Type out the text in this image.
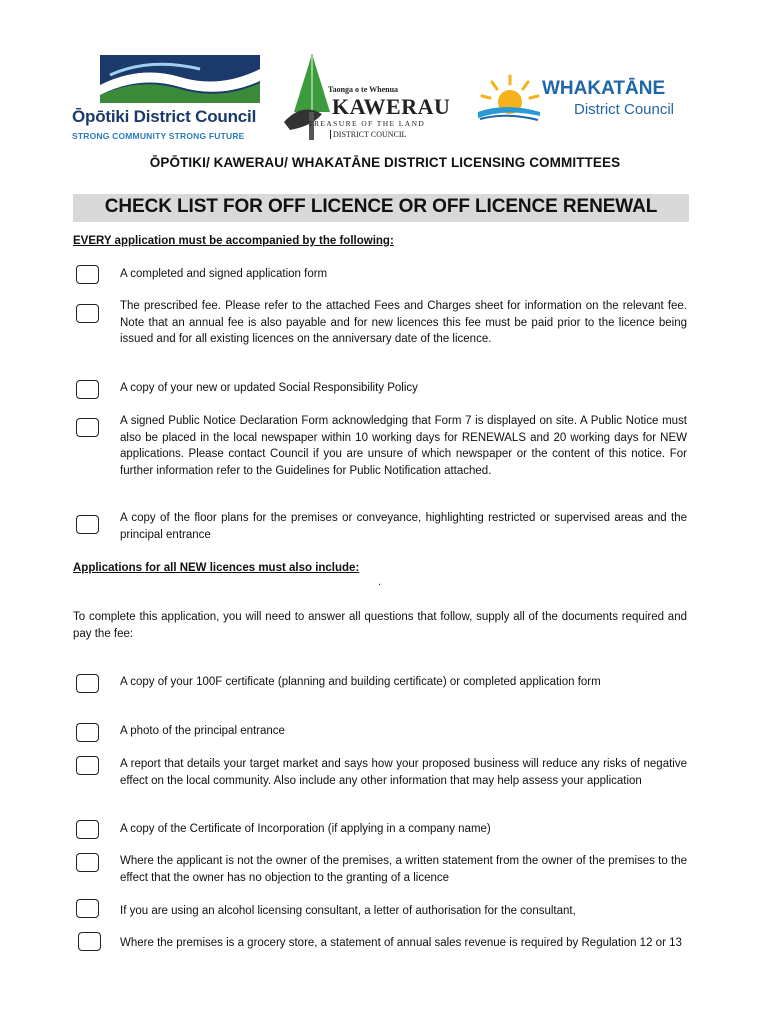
Ōpōtiki District Council
STRONG COMMUNITY STRONG FUTURE
Taonga o te Whenua
KAWERAU
TREASURE OF THE LAND
DISTRICT COUNCIL
WHAKATĀNE
District Council
ŌPŌTIKI/ KAWERAU/ WHAKATĀNE DISTRICT LICENSING COMMITTEES
CHECK LIST FOR OFF LICENCE OR OFF LICENCE RENEWAL
EVERY application must be accompanied by the following:
A completed and signed application form
The prescribed fee. Please refer to the attached Fees and Charges sheet for information on the relevant fee. Note that an annual fee is also payable and for new licences this fee must be paid prior to the licence being issued and for all existing licences on the anniversary date of the licence.
A copy of your new or updated Social Responsibility Policy
A signed Public Notice Declaration Form acknowledging that Form 7 is displayed on site. A Public Notice must also be placed in the local newspaper within 10 working days for RENEWALS and 20 working days for NEW applications. Please contact Council if you are unsure of which newspaper or the content of this notice. For further information refer to the Guidelines for Public Notification attached.
A copy of the floor plans for the premises or conveyance, highlighting restricted or supervised areas and the principal entrance
Applications for all NEW licences must also include:
.
To complete this application, you will need to answer all questions that follow, supply all of the documents required and pay the fee:
A copy of your 100F certificate (planning and building certificate) or completed application form
A photo of the principal entrance
A report that details your target market and says how your proposed business will reduce any risks of negative effect on the local community. Also include any other information that may help assess your application
A copy of the Certificate of Incorporation (if applying in a company name)
Where the applicant is not the owner of the premises, a written statement from the owner of the premises to the effect that the owner has no objection to the granting of a licence
If you are using an alcohol licensing consultant, a letter of authorisation for the consultant,
Where the premises is a grocery store, a statement of annual sales revenue is required by Regulation 12 or 13
